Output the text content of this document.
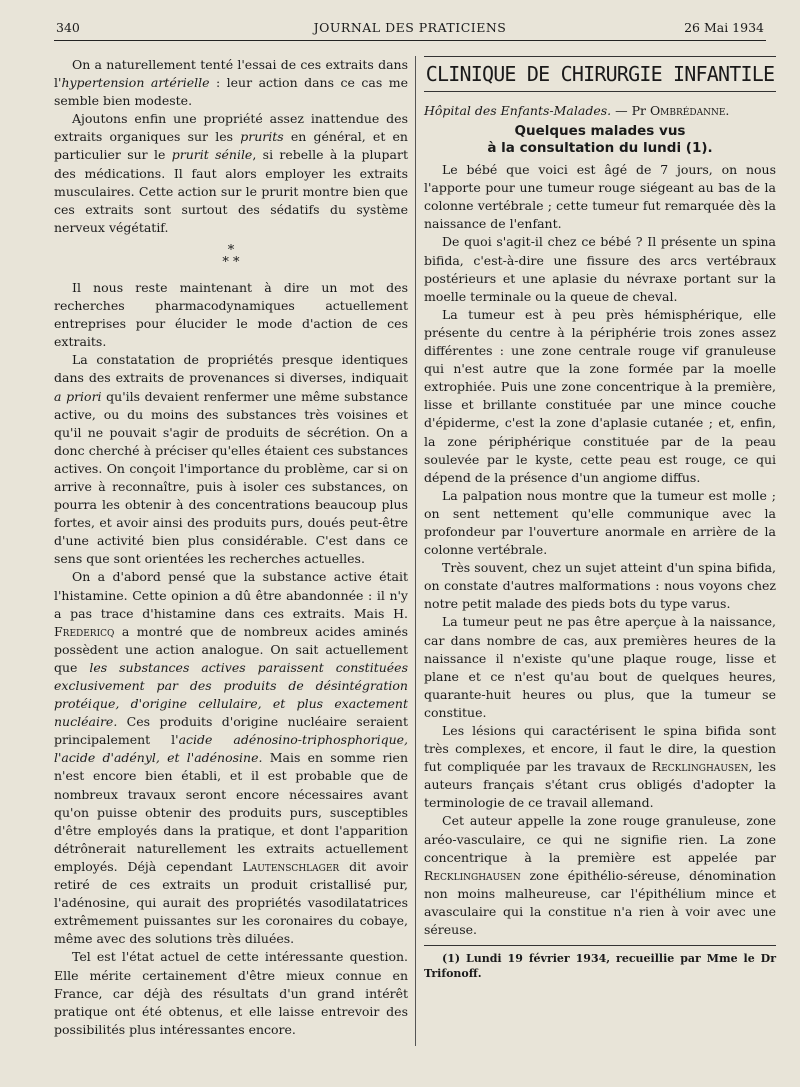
340	JOURNAL DES PRATICIENS	26 Mai 1934

On a naturellement tenté l'essai de ces extraits dans l'hypertension artérielle : leur action dans ce cas me semble bien modeste.

Ajoutons enfin une propriété assez inattendue des extraits organiques sur les prurits en général, et en particulier sur le prurit sénile, si rebelle à la plupart des médications. Il faut alors employer les extraits musculaires. Cette action sur le prurit montre bien que ces extraits sont surtout des sédatifs du système nerveux végétatif.

*
* *

Il nous reste maintenant à dire un mot des recherches pharmacodynamiques actuellement entreprises pour élucider le mode d'action de ces extraits.

La constatation de propriétés presque identiques dans des extraits de provenances si diverses, indiquait a priori qu'ils devaient renfermer une même substance active, ou du moins des substances très voisines et qu'il ne pouvait s'agir de produits de sécrétion. On a donc cherché à préciser qu'elles étaient ces substances actives. On conçoit l'importance du problème, car si on arrive à reconnaître, puis à isoler ces substances, on pourra les obtenir à des concentrations beaucoup plus fortes, et avoir ainsi des produits purs, doués peut-être d'une activité bien plus considérable. C'est dans ce sens que sont orientées les recherches actuelles.

On a d'abord pensé que la substance active était l'histamine. Cette opinion a dû être abandonnée : il n'y a pas trace d'histamine dans ces extraits. Mais H. Fredericq a montré que de nombreux acides aminés possèdent une action analogue. On sait actuellement que les substances actives paraissent constituées exclusivement par des produits de désintégration protéique, d'origine cellulaire, et plus exactement nucléaire. Ces produits d'origine nucléaire seraient principalement l'acide adénosino-triphosphorique, l'acide d'adényl, et l'adénosine. Mais en somme rien n'est encore bien établi, et il est probable que de nombreux travaux seront encore nécessaires avant qu'on puisse obtenir des produits purs, susceptibles d'être employés dans la pratique, et dont l'apparition détrônerait naturellement les extraits actuellement employés. Déjà cependant Lautenschlager dit avoir retiré de ces extraits un produit cristallisé pur, l'adénosine, qui aurait des propriétés vasodilatatrices extrêmement puissantes sur les coronaires du cobaye, même avec des solutions très diluées.

Tel est l'état actuel de cette intéressante question. Elle mérite certainement d'être mieux connue en France, car déjà des résultats d'un grand intérêt pratique ont été obtenus, et elle laisse entrevoir des possibilités plus intéressantes encore.

CLINIQUE DE CHIRURGIE INFANTILE
Hôpital des Enfants-Malades. — Pr Ombrédanne.
Quelques malades vus
à la consultation du lundi (1).

Le bébé que voici est âgé de 7 jours, on nous l'apporte pour une tumeur rouge siégeant au bas de la colonne vertébrale ; cette tumeur fut remarquée dès la naissance de l'enfant.

De quoi s'agit-il chez ce bébé ? Il présente un spina bifida, c'est-à-dire une fissure des arcs vertébraux postérieurs et une aplasie du névraxe portant sur la moelle terminale ou la queue de cheval.

La tumeur est à peu près hémisphérique, elle présente du centre à la périphérie trois zones assez différentes : une zone centrale rouge vif granuleuse qui n'est autre que la zone formée par la moelle extrophiée. Puis une zone concentrique à la première, lisse et brillante constituée par une mince couche d'épiderme, c'est la zone d'aplasie cutanée ; et, enfin, la zone périphérique constituée par de la peau soulevée par le kyste, cette peau est rouge, ce qui dépend de la présence d'un angiome diffus.

La palpation nous montre que la tumeur est molle ; on sent nettement qu'elle communique avec la profondeur par l'ouverture anormale en arrière de la colonne vertébrale.

Très souvent, chez un sujet atteint d'un spina bifida, on constate d'autres malformations : nous voyons chez notre petit malade des pieds bots du type varus.

La tumeur peut ne pas être aperçue à la naissance, car dans nombre de cas, aux premières heures de la naissance il n'existe qu'une plaque rouge, lisse et plane et ce n'est qu'au bout de quelques heures, quarante-huit heures ou plus, que la tumeur se constitue.

Les lésions qui caractérisent le spina bifida sont très complexes, et encore, il faut le dire, la question fut compliquée par les travaux de Recklinghausen, les auteurs français s'étant crus obligés d'adopter la terminologie de ce travail allemand.

Cet auteur appelle la zone rouge granuleuse, zone aréo-vasculaire, ce qui ne signifie rien. La zone concentrique à la première est appelée par Recklinghausen zone épithélio-séreuse, dénomination non moins malheureuse, car l'épithélium mince et avasculaire qui la constitue n'a rien à voir avec une séreuse.

(1) Lundi 19 février 1934, recueillie par Mme le Dr Trifonoff.
